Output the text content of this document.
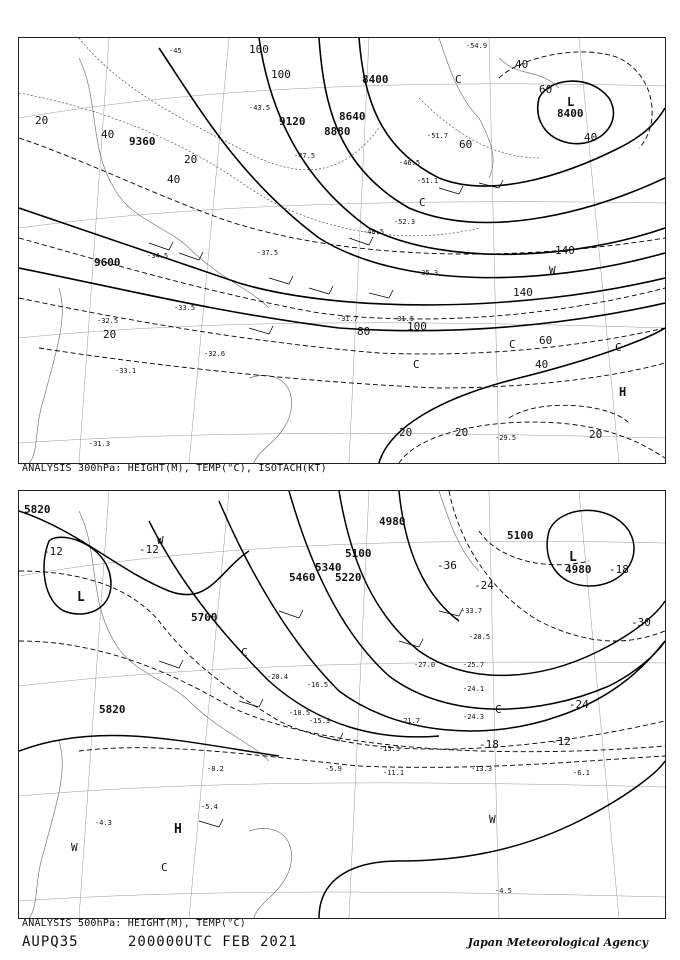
8400
8640
8880
9120
9360
9600
8400
100
100
40
40
20
140
140
100
80
60
40
20	20	20
20
40
60
40
60
20
L
H
C
C
C	C
C
W
-45
-51.7
-46.5
-52.3
-48.5
-34.5
-35.3
-37.5
-33.5
-32.5
-32.6
-31.7	-31.5
-29.5
-33.1
-31.3
-51.1
-54.9
-47.5
-43.5
ANALYSIS 300hPa: HEIGHT(M), TEMP(°C), ISOTACH(KT)
5820
5700
5460
5340
5220
5100
4980
5100
4980
5820
-12	-12
-18
-24
-30
-36
-12
-18
-24
L
L
H
C
C
C
W
W
W
-20.4
-16.5
-18.5
-15.3
-27.0
-28.5
-24.1
-24.3
-21.7
-15.5
-11.1	-13.3	-6.1
-8.2
-5.4
-4.3
-5.9
-33.7
-25.7
-4.5
ANALYSIS 500hPa: HEIGHT(M), TEMP(°C)
AUPQ35	200000UTC FEB 2021	Japan Meteorological Agency
